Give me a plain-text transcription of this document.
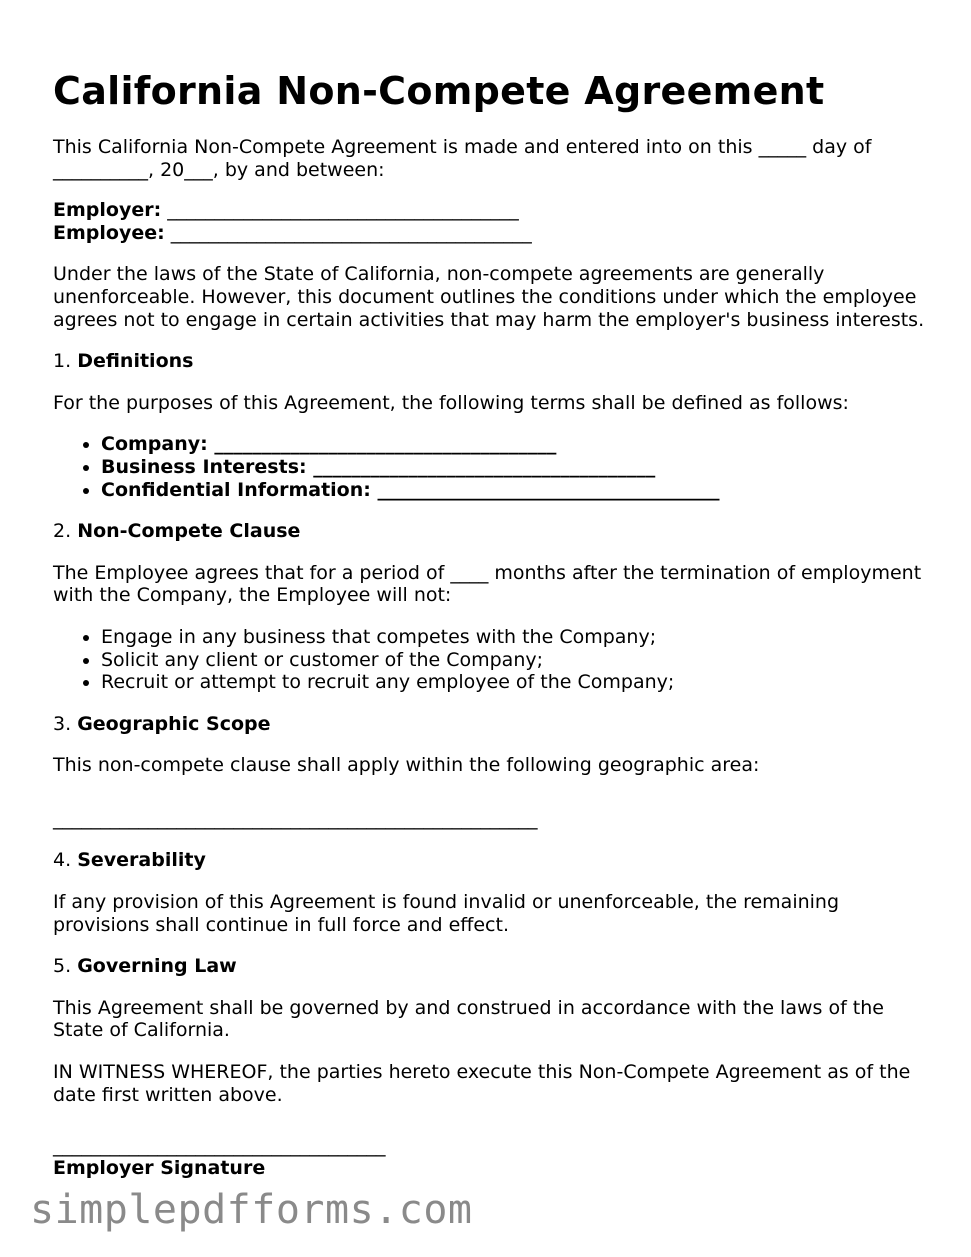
California Non-Compete Agreement

This California Non-Compete Agreement is made and entered into on this _____ day of __________, 20___, by and between:

Employer: _____________________________________
Employee: ______________________________________

Under the laws of the State of California, non-compete agreements are generally unenforceable. However, this document outlines the conditions under which the employee agrees not to engage in certain activities that may harm the employer's business interests.

1. Definitions

For the purposes of this Agreement, the following terms shall be defined as follows:

• Company: ____________________________________
• Business Interests: ____________________________________
• Confidential Information: ____________________________________

2. Non-Compete Clause

The Employee agrees that for a period of ____ months after the termination of employment with the Company, the Employee will not:

• Engage in any business that competes with the Company;
• Solicit any client or customer of the Company;
• Recruit or attempt to recruit any employee of the Company;

3. Geographic Scope

This non-compete clause shall apply within the following geographic area:

___________________________________________________

4. Severability

If any provision of this Agreement is found invalid or unenforceable, the remaining provisions shall continue in full force and effect.

5. Governing Law

This Agreement shall be governed by and construed in accordance with the laws of the State of California.

IN WITNESS WHEREOF, the parties hereto execute this Non-Compete Agreement as of the date first written above.

___________________________________
Employer Signature
simplepdfforms.com
